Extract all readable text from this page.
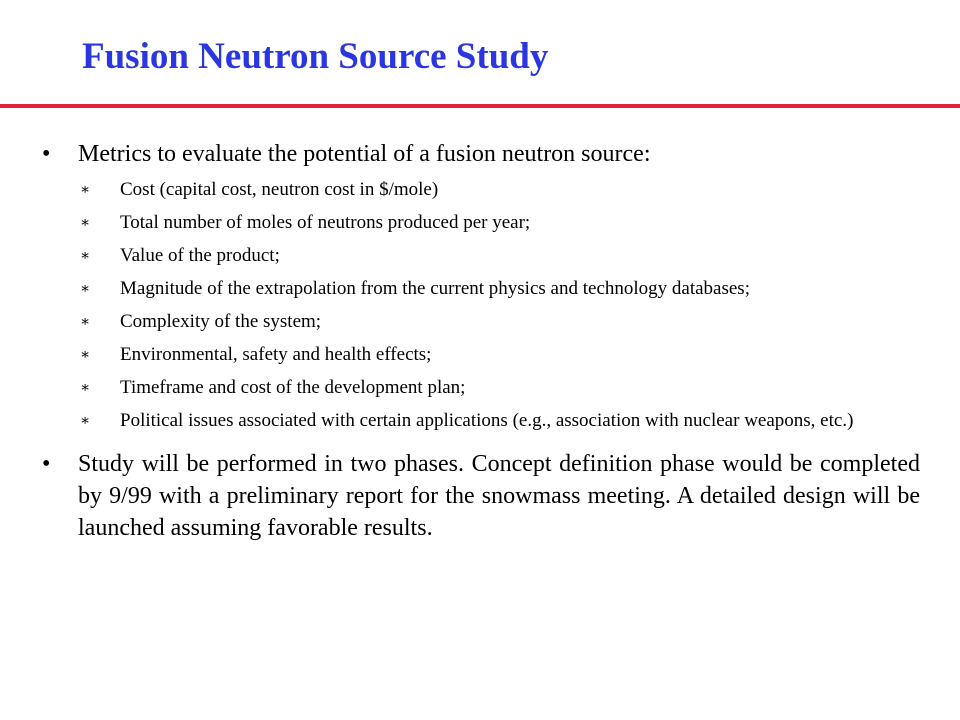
Fusion Neutron Source Study
• Metrics to evaluate the potential of a fusion neutron source:
∗ Cost (capital cost, neutron cost in $/mole)
∗ Total number of moles of neutrons produced per year;
∗ Value of the product;
∗ Magnitude of the extrapolation from the current physics and technology databases;
∗ Complexity of the system;
∗ Environmental, safety and health effects;
∗ Timeframe and cost of the development plan;
∗ Political issues associated with certain applications (e.g., association with nuclear weapons, etc.)
• Study will be performed in two phases. Concept definition phase would be completed by 9/99 with a preliminary report for the snowmass meeting. A detailed design will be launched assuming favorable results.
